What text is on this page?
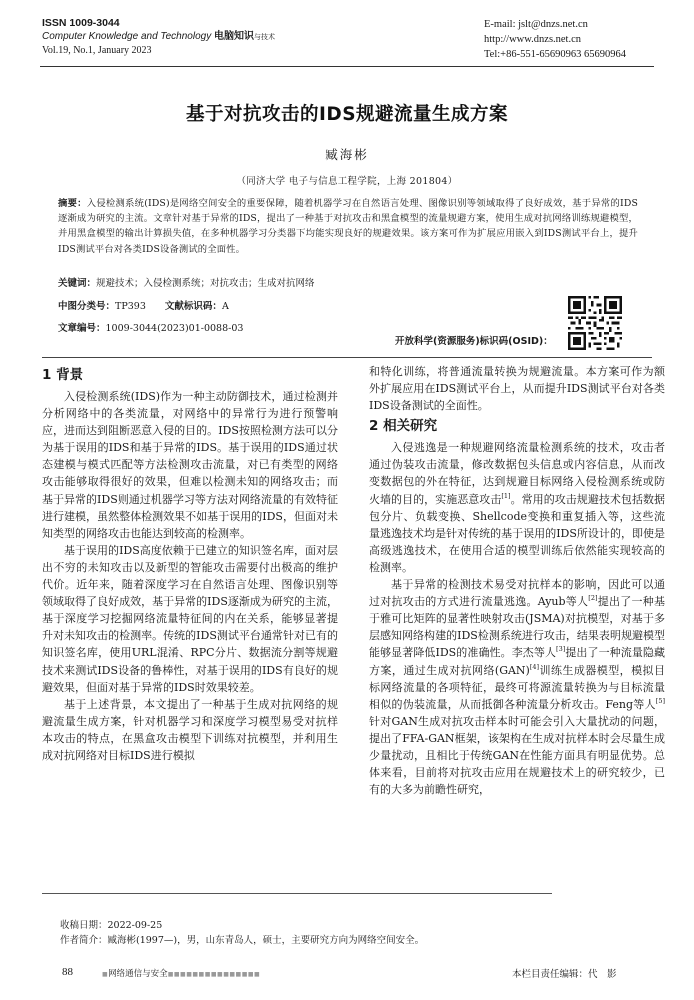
ISSN 1009-3044
Computer Knowledge and Technology 电脑知识与技术
Vol.19, No.1, January 2023
E-mail: jslt@dnzs.net.cn
http://www.dnzs.net.cn
Tel:+86-551-65690963 65690964
基于对抗攻击的IDS规避流量生成方案
臧海彬
（同济大学 电子与信息工程学院，上海 201804）
摘要：入侵检测系统(IDS)是网络空间安全的重要保障，随着机器学习在自然语言处理、图像识别等领域取得了良好成效，基于异常的IDS逐渐成为研究的主流。文章针对基于异常的IDS，提出了一种基于对抗攻击和黑盒模型的流量规避方案，使用生成对抗网络训练规避模型，并用黑盒模型的输出计算损失值，在多种机器学习分类器下均能实现良好的规避效果。该方案可作为扩展应用嵌入到IDS测试平台上，提升IDS测试平台对各类IDS设备测试的全面性。
关键词：规避技术；入侵检测系统；对抗攻击；生成对抗网络
中图分类号：TP393 文献标识码：A
文章编号：1009-3044(2023)01-0088-03
开放科学(资源服务)标识码(OSID)：
1 背景

入侵检测系统(IDS)作为一种主动防御技术，通过检测并分析网络中的各类流量，对网络中的异常行为进行预警响应，进而达到阻断恶意入侵的目的。IDS按照检测方法可以分为基于误用的IDS和基于异常的IDS。基于误用的IDS通过状态建模与模式匹配等方法检测攻击流量，对已有类型的网络攻击能够取得很好的效果，但难以检测未知的网络攻击；而基于异常的IDS则通过机器学习等方法对网络流量的有效特征进行建模，虽然整体检测效果不如基于误用的IDS，但面对未知类型的网络攻击也能达到较高的检测率。

基于误用的IDS高度依赖于已建立的知识签名库，面对层出不穷的未知攻击以及新型的智能攻击需要付出极高的维护代价。近年来，随着深度学习在自然语言处理、图像识别等领域取得了良好成效，基于异常的IDS逐渐成为研究的主流，基于深度学习挖掘网络流量特征间的内在关系，能够显著提升对未知攻击的检测率。传统的IDS测试平台通常针对已有的知识签名库，使用URL混淆、RPC分片、数据流分割等规避技术来测试IDS设备的鲁棒性，对基于误用的IDS有良好的规避效果，但面对基于异常的IDS时效果较差。

基于上述背景，本文提出了一种基于生成对抗网络的规避流量生成方案，针对机器学习和深度学习模型易受对抗样本攻击的特点，在黑盒攻击模型下训练对抗模型，并利用生成对抗网络对目标IDS进行模拟

和特化训练，将普通流量转换为规避流量。本方案可作为额外扩展应用在IDS测试平台上，从而提升IDS测试平台对各类IDS设备测试的全面性。

2 相关研究

入侵逃逸是一种规避网络流量检测系统的技术，攻击者通过伪装攻击流量，修改数据包头信息或内容信息，从而改变数据包的外在特征，达到规避目标网络入侵检测系统或防火墙的目的，实施恶意攻击[1]。常用的攻击规避技术包括数据包分片、负载变换、Shellcode变换和重复插入等，这些流量逃逸技术均是针对传统的基于误用的IDS所设计的，即使是高级逃逸技术，在使用合适的模型训练后依然能实现较高的检测率。

基于异常的检测技术易受对抗样本的影响，因此可以通过对抗攻击的方式进行流量逃逸。Ayub等人[2]提出了一种基于雅可比矩阵的显著性映射攻击(JSMA)对抗模型，对基于多层感知网络构建的IDS检测系统进行攻击，结果表明规避模型能够显著降低IDS的准确性。李杰等人[3]提出了一种流量隐藏方案，通过生成对抗网络(GAN)[4]训练生成器模型，模拟目标网络流量的各项特征，最终可将源流量转换为与目标流量相似的伪装流量，从而抵御各种流量分析攻击。Feng等人[5]针对GAN生成对抗攻击样本时可能会引入大量扰动的问题，提出了FFA-GAN框架，该架构在生成对抗样本时会尽量生成少量扰动，且相比于传统GAN在性能方面具有明显优势。总体来看，目前将对抗攻击应用在规避技术上的研究较少，已有的大多为前瞻性研究，

收稿日期：2022-09-25
作者简介：臧海彬(1997—)，男，山东青岛人，硕士，主要研究方向为网络空间安全。
88	■网络通信与安全■■■■■■■■■■■■■■■	本栏目责任编辑：代　影
